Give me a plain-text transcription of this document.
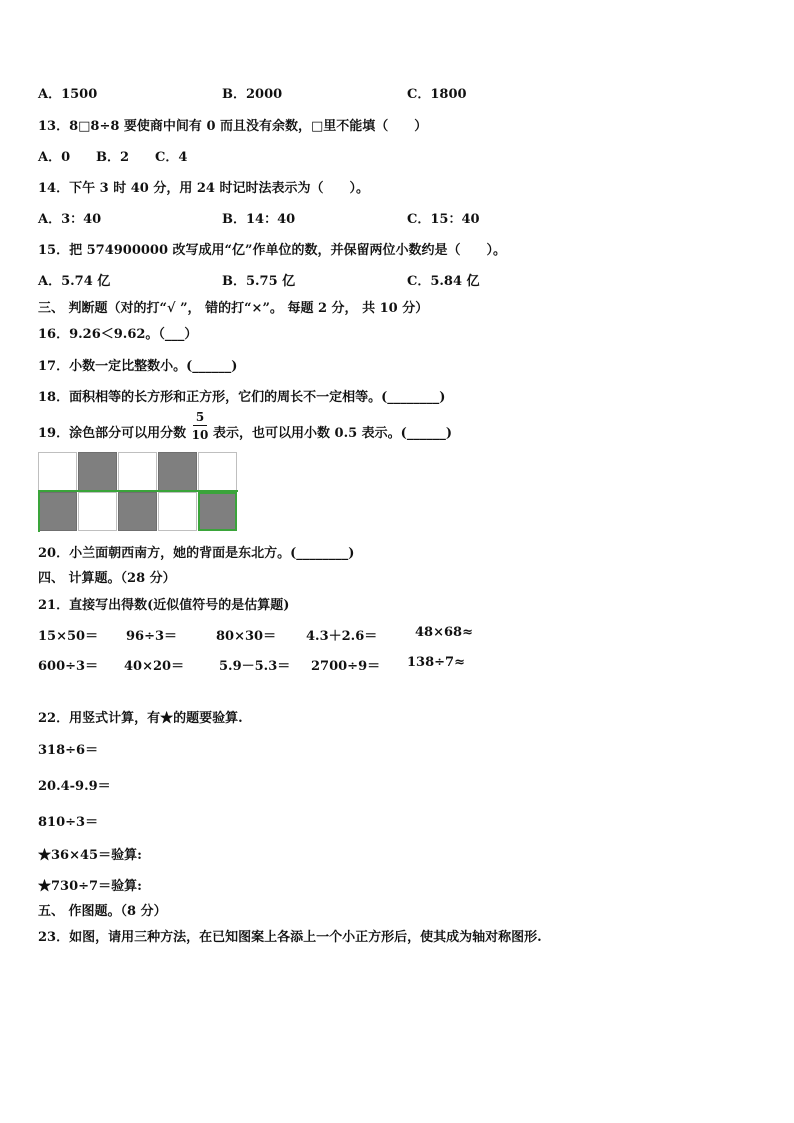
A．1500	B．2000	C．1800
13．8□8÷8 要使商中间有 0 而且没有余数，□里不能填（　　）
A．0 B．2 C．4
14．下午 3 时 40 分，用 24 时记时法表示为（　　）。
A．3：40	B．14：40	C．15：40
15．把 574900000 改写成用“亿”作单位的数，并保留两位小数约是（　　）。
A．5.74 亿	B．5.75 亿	C．5.84 亿
三、 判断题（对的打“√ ”， 错的打“×”。 每题 2 分， 共 10 分）
16．9.26＜9.62。（___）
17．小数一定比整数小。(______)
18．面积相等的长方形和正方形，它们的周长不一定相等。(________)
19．涂色部分可以用分数
5
10 表示，也可以用小数 0.5 表示。(______)
20．小兰面朝西南方，她的背面是东北方。(________)
四、 计算题。（28 分）
21．直接写出得数(近似值符号的是估算题)
15×50＝ 96÷3＝	80×30＝ 4.3＋2.6＝	48×68≈
600÷3＝ 40×20＝	5.9－5.3＝ 2700÷9＝ 138÷7≈
22．用竖式计算，有★的题要验算.
318÷6＝
20.4-9.9＝
810÷3＝
★36×45＝验算:
★730÷7＝验算:
五、 作图题。（8 分）
23．如图，请用三种方法，在已知图案上各添上一个小正方形后，使其成为轴对称图形.
